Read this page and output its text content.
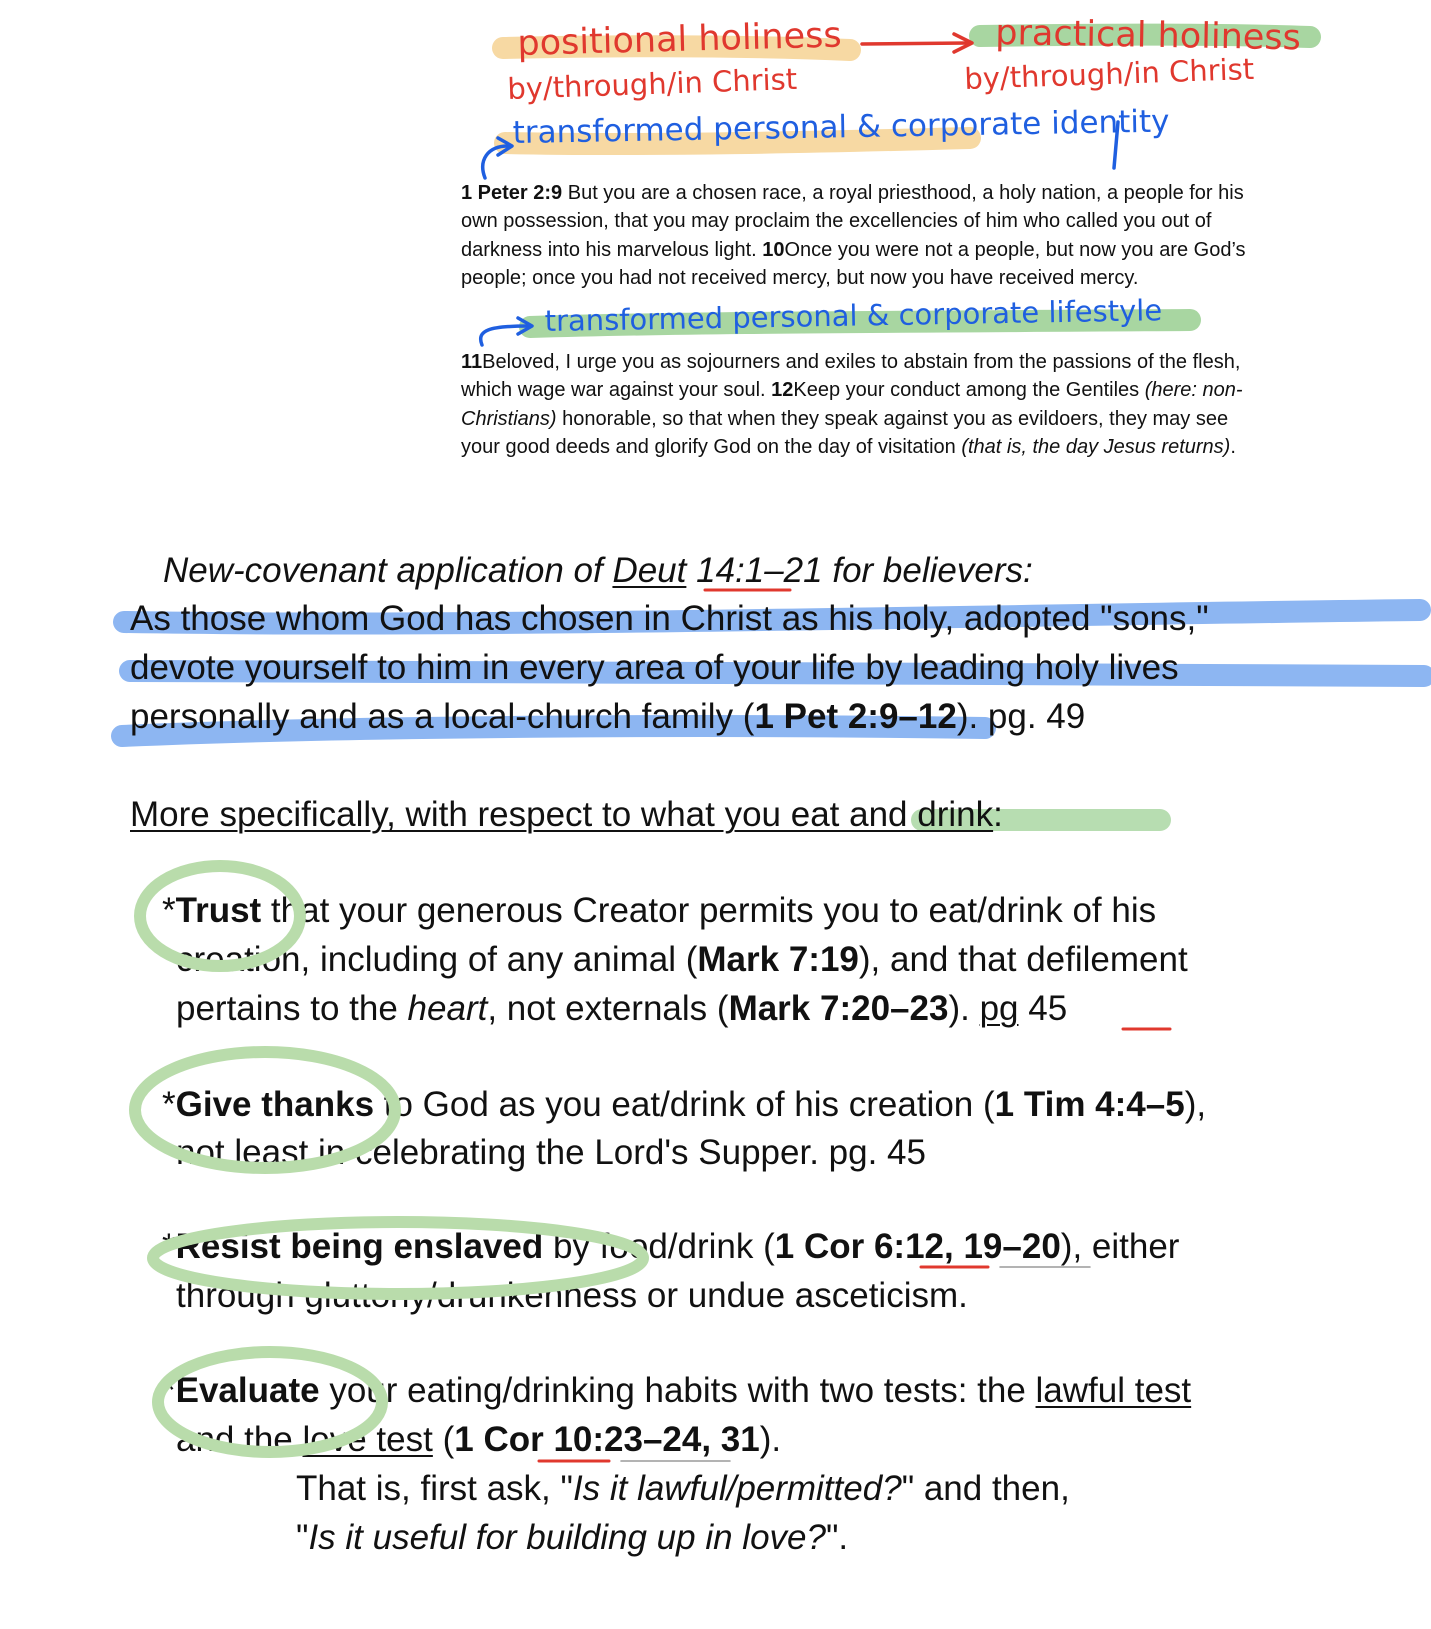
positional holiness
by/through/in Christ
practical holiness
by/through/in Christ
transformed personal & corporate identity
transformed personal & corporate lifestyle
1 Peter 2:9 But you are a chosen race, a royal priesthood, a holy nation, a people for his own possession, that you may proclaim the excellencies of him who called you out of darkness into his marvelous light. 10Once you were not a people, but now you are God’s people; once you had not received mercy, but now you have received mercy.
11Beloved, I urge you as sojourners and exiles to abstain from the passions of the flesh, which wage war against your soul. 12Keep your conduct among the Gentiles (here: non-Christians) honorable, so that when they speak against you as evildoers, they may see your good deeds and glorify God on the day of visitation (that is, the day Jesus returns).
New-covenant application of Deut 14:1–21 for believers:
As those whom God has chosen in Christ as his holy, adopted "sons,"
devote yourself to him in every area of your life by leading holy lives
personally and as a local-church family (1 Pet 2:9–12). pg. 49
More specifically, with respect to what you eat and drink:
*Trust that your generous Creator permits you to eat/drink of his
creation, including of any animal (Mark 7:19), and that defilement
pertains to the heart, not externals (Mark 7:20–23). pg 45
*Give thanks to God as you eat/drink of his creation (1 Tim 4:4–5),
not least in celebrating the Lord's Supper. pg. 45
*Resist being enslaved by food/drink (1 Cor 6:12, 19–20), either
through gluttony/drunkenness or undue asceticism.
*Evaluate your eating/drinking habits with two tests: the lawful test
and the love test (1 Cor 10:23–24, 31).
That is, first ask, "Is it lawful/permitted?" and then,
"Is it useful for building up in love?".
